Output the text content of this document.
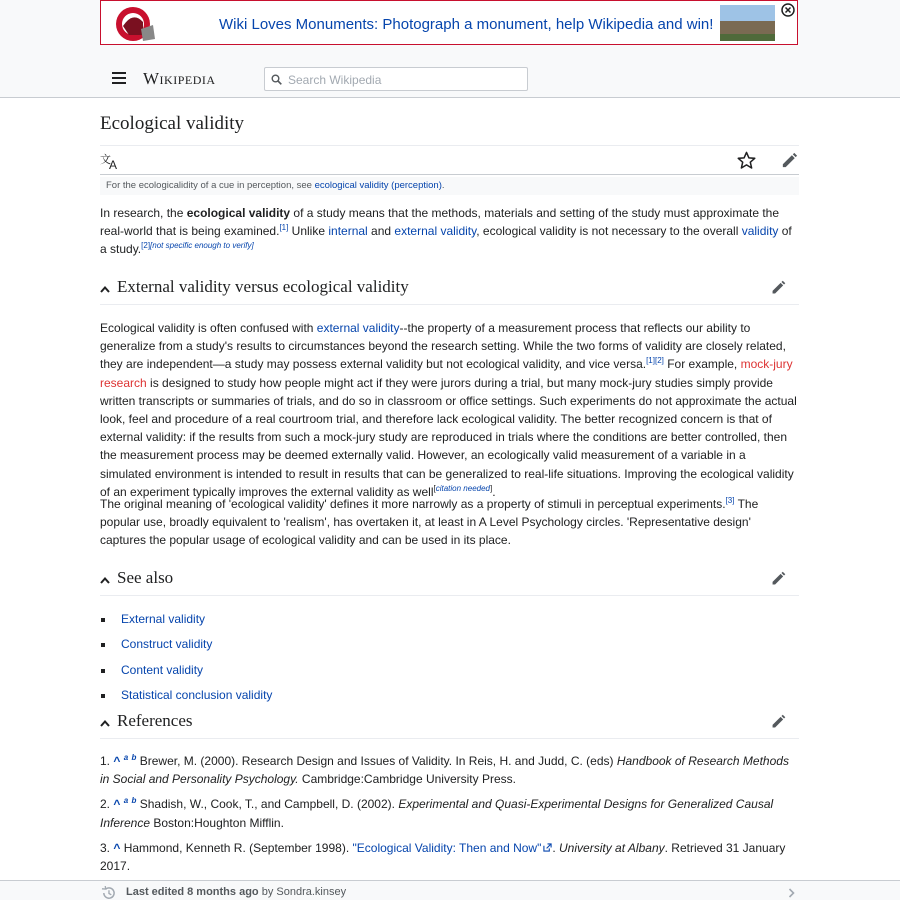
Wiki Loves Monuments: Photograph a monument, help Wikipedia and win!
Wikipedia
Search Wikipedia
Ecological validity
文
A
For the ecologicalidity of a cue in perception, see ecological validity (perception).

In research, the ecological validity of a study means that the methods, materials and setting of the study must approximate the real-world that is being examined.[1] Unlike internal and external validity, ecological validity is not necessary to the overall validity of a study.[2][not specific enough to verify]

External validity versus ecological validity

Ecological validity is often confused with external validity--the property of a measurement process that reflects our ability to generalize from a study's results to circumstances beyond the research setting. While the two forms of validity are closely related, they are independent—a study may possess external validity but not ecological validity, and vice versa.[1][2] For example, mock-jury research is designed to study how people might act if they were jurors during a trial, but many mock-jury studies simply provide written transcripts or summaries of trials, and do so in classroom or office settings. Such experiments do not approximate the actual look, feel and procedure of a real courtroom trial, and therefore lack ecological validity. The better recognized concern is that of external validity: if the results from such a mock-jury study are reproduced in trials where the conditions are better controlled, then the measurement process may be deemed externally valid. However, an ecologically valid measurement of a variable in a simulated environment is intended to result in results that can be generalized to real-life situations. Improving the ecological validity of an experiment typically improves the external validity as well[citation needed].

The original meaning of 'ecological validity' defines it more narrowly as a property of stimuli in perceptual experiments.[3] The popular use, broadly equivalent to 'realism', has overtaken it, at least in A Level Psychology circles. 'Representative design' captures the popular usage of ecological validity and can be used in its place.

See also
External validity
Construct validity
Content validity
Statistical conclusion validity
References
1. ^ $^a$ $^b$ Brewer, M. (2000). Research Design and Issues of Validity. In Reis, H. and Judd, C. (eds) Handbook of Research Methods in Social and Personality Psychology. Cambridge:Cambridge University Press.
2. ^ $^a$ $^b$ Shadish, W., Cook, T., and Campbell, D. (2002). Experimental and Quasi-Experimental Designs for Generalized Causal Inference Boston:Houghton Mifflin.
3. ^ Hammond, Kenneth R. (September 1998). "Ecological Validity: Then and Now" . University at Albany. Retrieved 31 January 2017.
Last edited 8 months ago by Sondra.kinsey
